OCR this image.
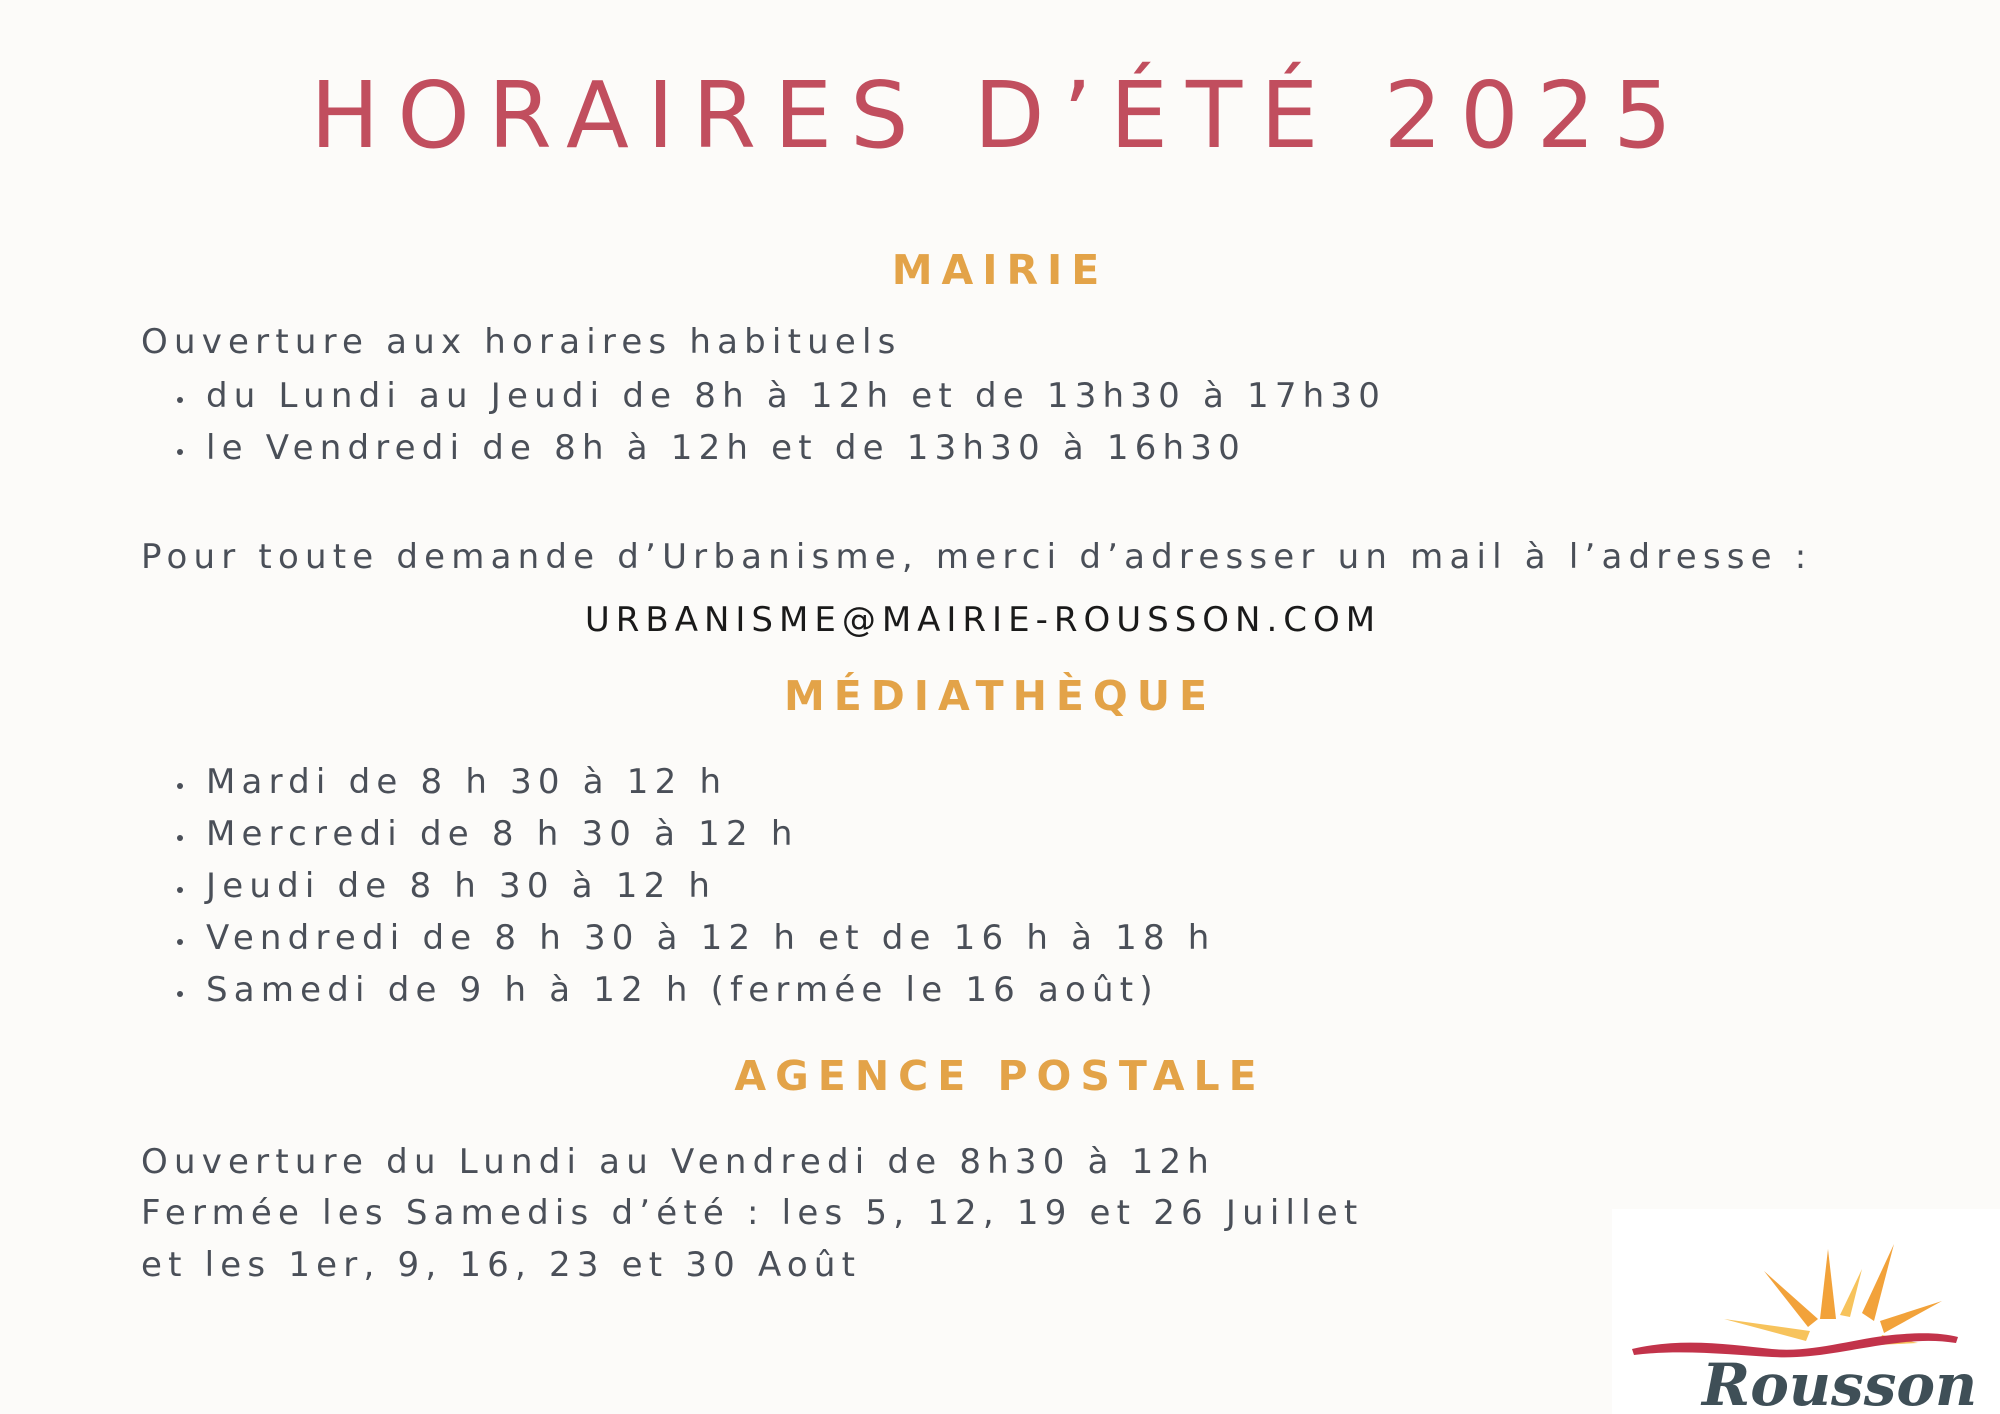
HORAIRES D’ÉTÉ 2025
MAIRIE

Ouverture aux horaires habituels

du Lundi au Jeudi de 8h à 12h et de 13h30 à 17h30
le Vendredi de 8h à 12h et de 13h30 à 16h30

Pour toute demande d’Urbanisme, merci d’adresser un mail à l’adresse :

URBANISME@MAIRIE-ROUSSON.COM
MÉDIATHÈQUE
Mardi de 8 h 30 à 12 h
Mercredi de 8 h 30 à 12 h
Jeudi de 8 h 30 à 12 h
Vendredi de 8 h 30 à 12 h et de 16 h à 18 h
Samedi de 9 h à 12 h (fermée le 16 août)
AGENCE POSTALE

Ouverture du Lundi au Vendredi de 8h30 à 12h

Fermée les Samedis d’été : les 5, 12, 19 et 26 Juillet

et les 1er, 9, 16, 23 et 30 Août

Rousson
